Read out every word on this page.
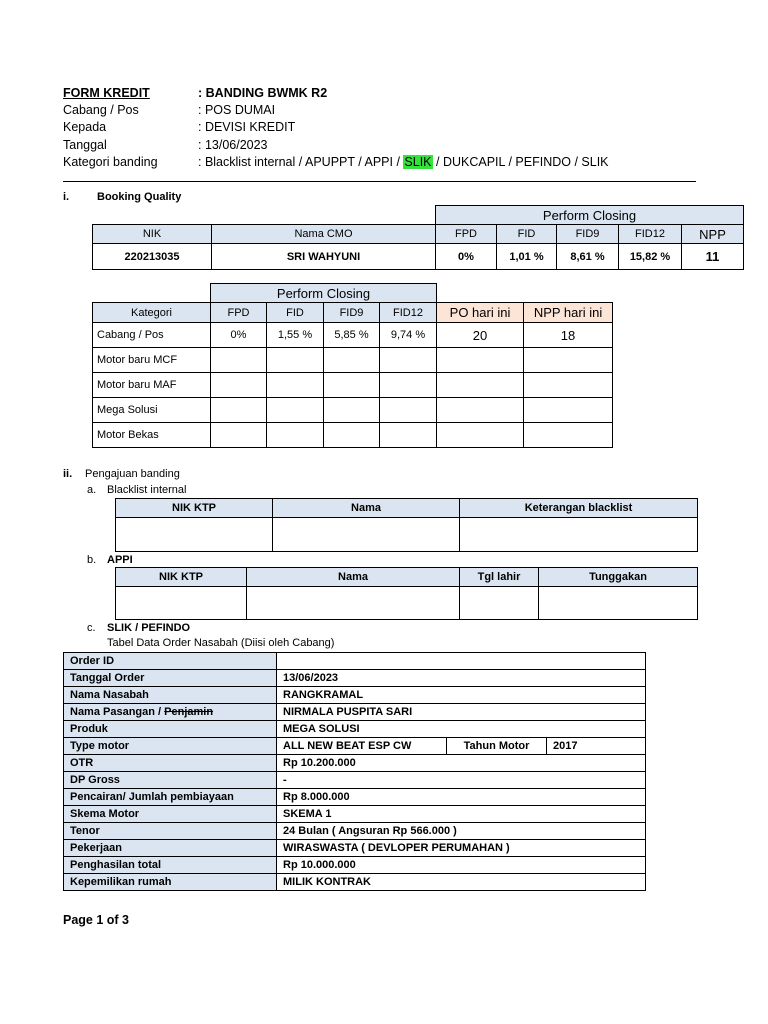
FORM KREDIT	: BANDING BWMK R2
Cabang / Pos	: POS DUMAI
Kepada	: DEVISI KREDIT
Tanggal	: 13/06/2023
Kategori banding	: Blacklist internal / APUPPT / APPI / SLIK / DUKCAPIL / PEFINDO / SLIK
i.	Booking Quality
		Perform Closing				
NIK	Nama CMO	FPD	FID	FID9	FID12	NPP
220213035	SRI WAHYUNI	0%	1,01 %	8,61 %	15,82 %	11
	Perform Closing					
Kategori	FPD	FID	FID9	FID12	PO hari ini	NPP hari ini
Cabang / Pos	0%	1,55 %	5,85 %	9,74 %	20	18
Motor baru MCF						
Motor baru MAF						
Mega Solusi						
Motor Bekas						
ii. Pengajuan banding
a. Blacklist internal
NIK KTP	Nama	Keterangan blacklist

b. APPI
NIK KTP	Nama	Tgl lahir	Tunggakan

c. SLIK / PEFINDO
Tabel Data Order Nasabah (Diisi oleh Cabang)
Order ID			
Tanggal Order	13/06/2023		
Nama Nasabah	RANGKRAMAL		
Nama Pasangan / Penjamin	NIRMALA PUSPITA SARI		
Produk	MEGA SOLUSI		
Type motor	ALL NEW BEAT ESP CW	Tahun Motor	2017
OTR	Rp 10.200.000		
DP Gross	-		
Pencairan/ Jumlah pembiayaan	Rp 8.000.000		
Skema Motor	SKEMA 1		
Tenor	24 Bulan ( Angsuran Rp 566.000 )		
Pekerjaan	WIRASWASTA ( DEVLOPER PERUMAHAN )		
Penghasilan total	Rp 10.000.000		
Kepemilikan rumah	MILIK KONTRAK		
Page 1 of 3
